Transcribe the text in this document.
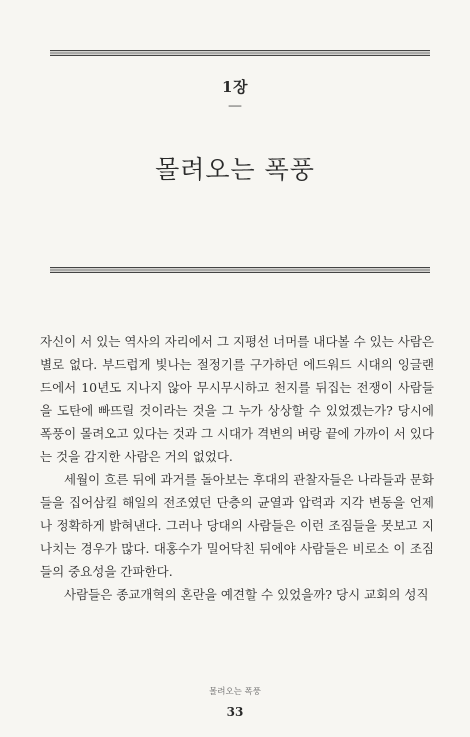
1장
—
몰려오는 폭풍

자신이 서 있는 역사의 자리에서 그 지평선 너머를 내다볼 수 있는 사람은 별로 없다. 부드럽게 빛나는 절정기를 구가하던 에드워드 시대의 잉글랜드에서 10년도 지나지 않아 무시무시하고 천지를 뒤집는 전쟁이 사람들을 도탄에 빠뜨릴 것이라는 것을 그 누가 상상할 수 있었겠는가? 당시에 폭풍이 몰려오고 있다는 것과 그 시대가 격변의 벼랑 끝에 가까이 서 있다는 것을 감지한 사람은 거의 없었다.

세월이 흐른 뒤에 과거를 돌아보는 후대의 관찰자들은 나라들과 문화들을 집어삼킬 해일의 전조였던 단층의 균열과 압력과 지각 변동을 언제나 정확하게 밝혀낸다. 그러나 당대의 사람들은 이런 조짐들을 못보고 지나치는 경우가 많다. 대홍수가 밀어닥친 뒤에야 사람들은 비로소 이 조짐들의 중요성을 간파한다.

사람들은 종교개혁의 혼란을 예견할 수 있었을까? 당시 교회의 성직

몰려오는 폭풍
33
